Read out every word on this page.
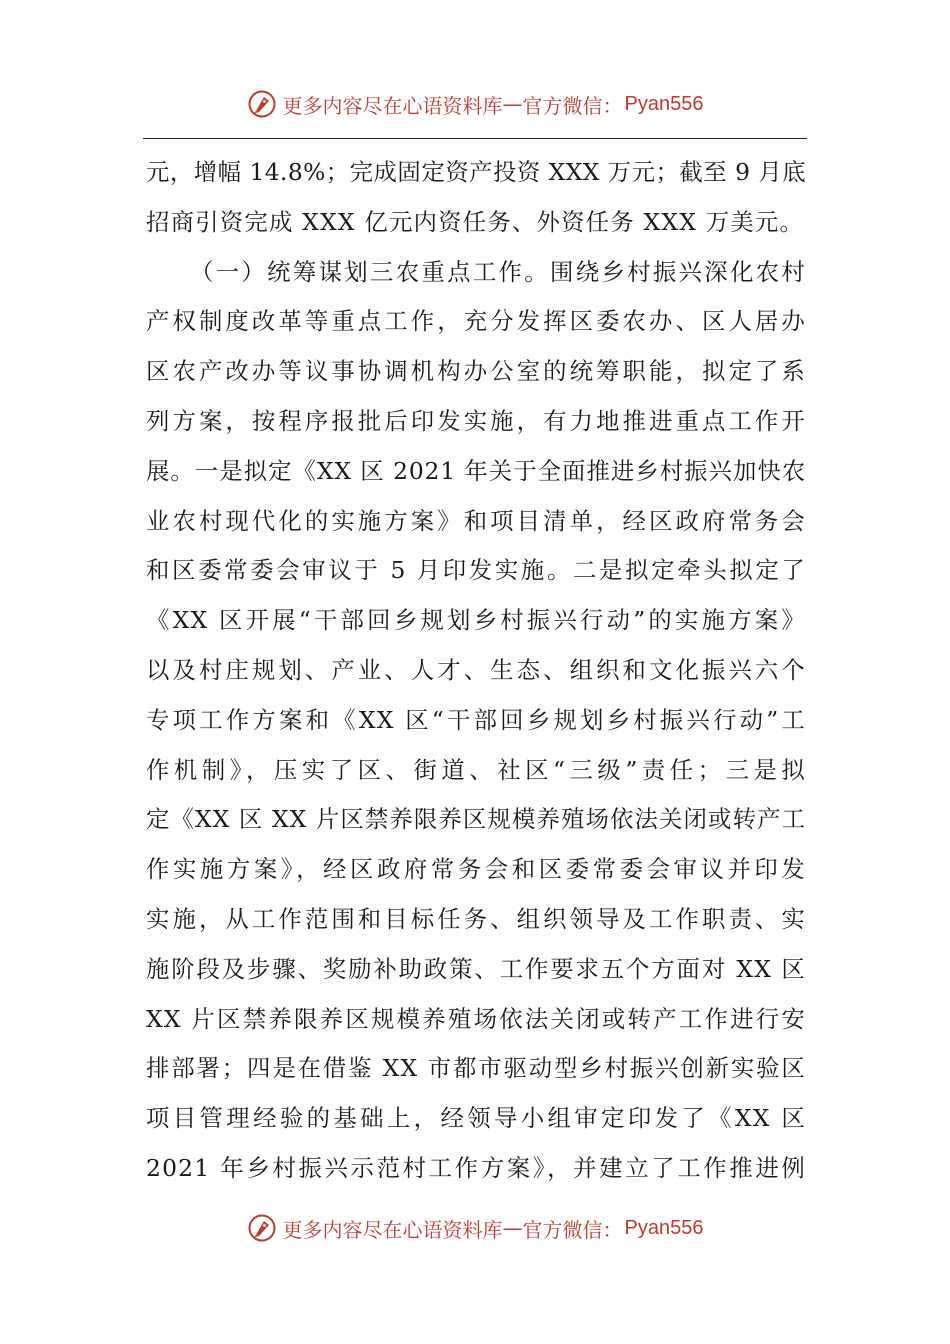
更多内容尽在心语资料库 — 官方微信： Pyan556
元，增幅 14.8%；完成固定资产投资 XXX 万元；截至 9 月底
招商引资完成 XXX 亿元内资任务、外资任务 XXX 万美元。
（一）统筹谋划三农重点工作。围绕乡村振兴深化农村
产权制度改革等重点工作，充分发挥区委农办、区人居办
区农产改办等议事协调机构办公室的统筹职能，拟定了系
列方案，按程序报批后印发实施，有力地推进重点工作开
展。一是拟定《XX 区 2021 年关于全面推进乡村振兴加快农
业农村现代化的实施方案》和项目清单，经区政府常务会
和区委常委会审议于 5 月印发实施。二是拟定牵头拟定了
《XX 区开展“干部回乡规划乡村振兴行动”的实施方案》
以及村庄规划、产业、人才、生态、组织和文化振兴六个
专项工作方案和《XX 区“干部回乡规划乡村振兴行动”工
作机制》，压实了区、街道、社区“三级”责任；三是拟
定《XX 区 XX 片区禁养限养区规模养殖场依法关闭或转产工
作实施方案》，经区政府常务会和区委常委会审议并印发
实施，从工作范围和目标任务、组织领导及工作职责、实
施阶段及步骤、奖励补助政策、工作要求五个方面对 XX 区
XX 片区禁养限养区规模养殖场依法关闭或转产工作进行安
排部署；四是在借鉴 XX 市都市驱动型乡村振兴创新实验区
项目管理经验的基础上，经领导小组审定印发了《XX 区
2021 年乡村振兴示范村工作方案》，并建立了工作推进例
更多内容尽在心语资料库 — 官方微信： Pyan556
